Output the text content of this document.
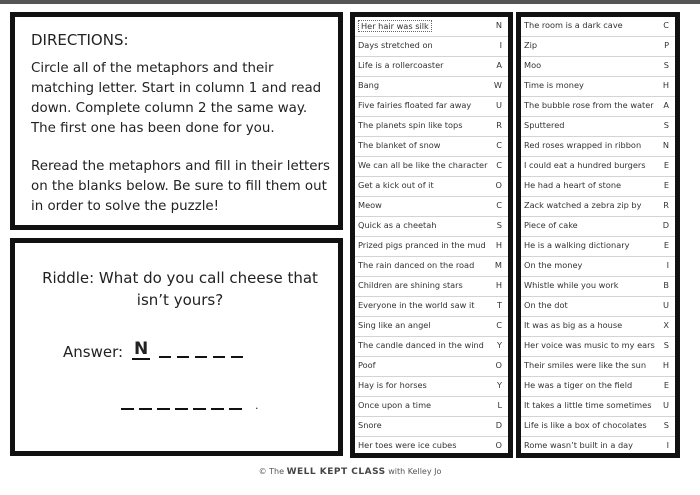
DIRECTIONS:
Circle all of the metaphors and their matching letter. Start in column 1 and read down. Complete column 2 the same way. The first one has been done for you.
Reread the metaphors and fill in their letters on the blanks below. Be sure to fill them out in order to solve the puzzle!
Riddle: What do you call cheese that isn’t yours?
Answer: N
.
Her hair was silk	N
Days stretched on	I
Life is a rollercoaster	A
Bang	W
Five fairies floated far away	U
The planets spin like tops	R
The blanket of snow	C
We can all be like the character C
Get a kick out of it	O
Meow	C
Quick as a cheetah	S
Prized pigs pranced in the mud H
The rain danced on the road	M
Children are shining stars	H
Everyone in the world saw it	T
Sing like an angel	C
The candle danced in the wind Y
Poof	O
Hay is for horses	Y
Once upon a time	L
Snore	D
Her toes were ice cubes	O
The room is a dark cave	C
Zip	P
Moo	S
Time is money	H
The bubble rose from the water A
Sputtered	S
Red roses wrapped in ribbon	N
I could eat a hundred burgers E
He had a heart of stone	E
Zack watched a zebra zip by	R
Piece of cake	D
He is a walking dictionary	E
On the money	I
Whistle while you work	B
On the dot	U
It was as big as a house	X
Her voice was music to my ears S
Their smiles were like the sun H
He was a tiger on the field	E
It takes a little time sometimes U
Life is like a box of chocolates S
Rome wasn’t built in a day	I
© The WELL KEPT CLASS with Kelley Jo
